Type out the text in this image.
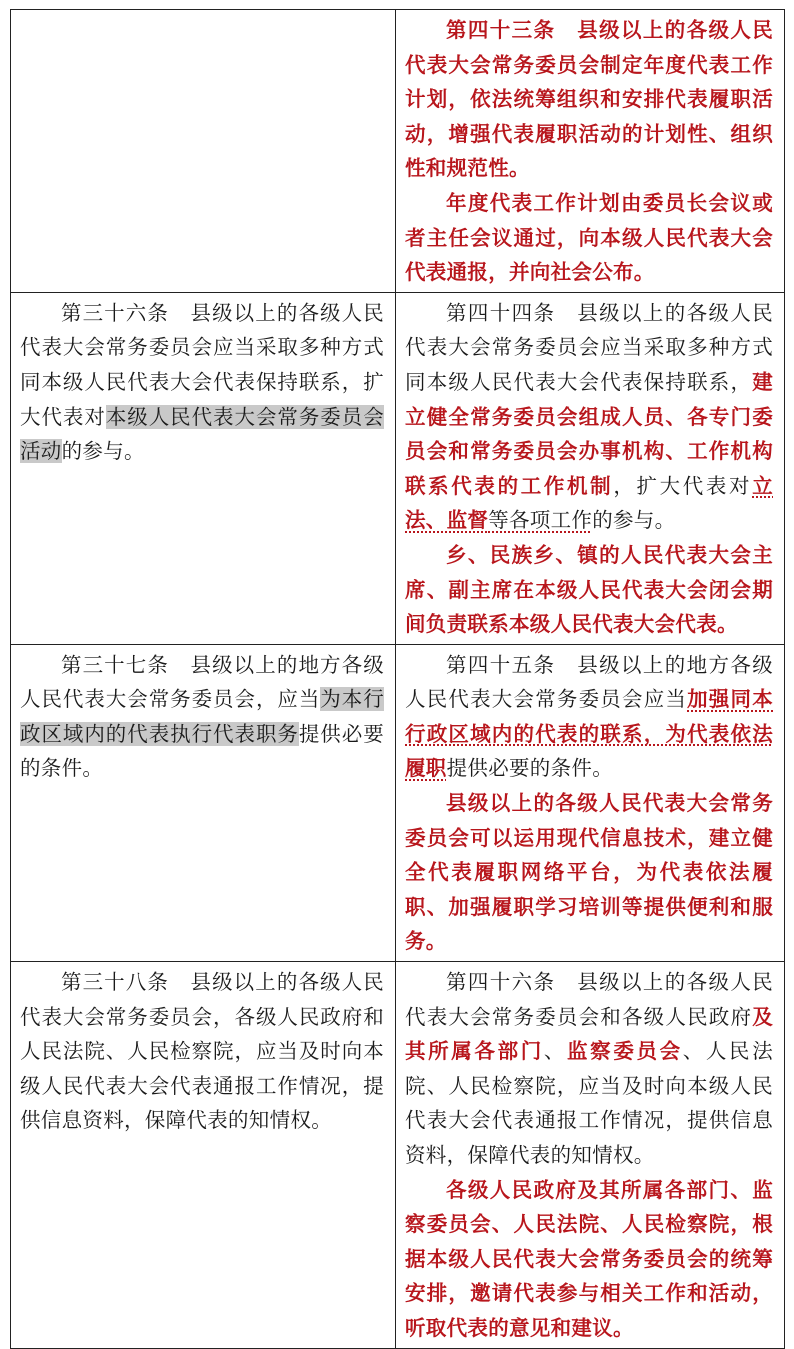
	第四十三条　县级以上的各级人民代表大会常务委员会制定年度代表工作计划，依法统筹组织和安排代表履职活动，增强代表履职活动的计划性、组织性和规范性。

年度代表工作计划由委员长会议或者主任会议通过，向本级人民代表大会代表通报，并向社会公布。

第三十六条　县级以上的各级人民代表大会常务委员会应当采取多种方式同本级人民代表大会代表保持联系，扩大代表对本级人民代表大会常务委员会活动的参与。	第四十四条　县级以上的各级人民代表大会常务委员会应当采取多种方式同本级人民代表大会代表保持联系，建立健全常务委员会组成人员、各专门委员会和常务委员会办事机构、工作机构联系代表的工作机制，扩大代表对立法、监督等各项工作的参与。

乡、民族乡、镇的人民代表大会主席、副主席在本级人民代表大会闭会期间负责联系本级人民代表大会代表。

第三十七条　县级以上的地方各级人民代表大会常务委员会，应当为本行政区域内的代表执行代表职务提供必要的条件。	第四十五条　县级以上的地方各级人民代表大会常务委员会应当加强同本行政区域内的代表的联系，为代表依法履职提供必要的条件。

县级以上的各级人民代表大会常务委员会可以运用现代信息技术，建立健全代表履职网络平台，为代表依法履职、加强履职学习培训等提供便利和服务。

第三十八条　县级以上的各级人民代表大会常务委员会，各级人民政府和人民法院、人民检察院，应当及时向本级人民代表大会代表通报工作情况，提供信息资料，保障代表的知情权。	第四十六条　县级以上的各级人民代表大会常务委员会和各级人民政府及其所属各部门、监察委员会、人民法院、人民检察院，应当及时向本级人民代表大会代表通报工作情况，提供信息资料，保障代表的知情权。

各级人民政府及其所属各部门、监察委员会、人民法院、人民检察院，根据本级人民代表大会常务委员会的统筹安排，邀请代表参与相关工作和活动，听取代表的意见和建议。
